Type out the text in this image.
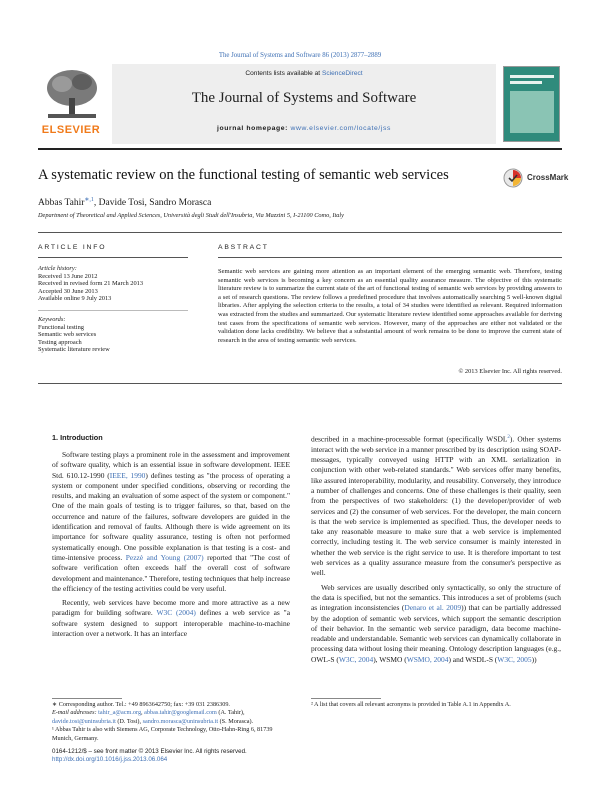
The Journal of Systems and Software 86 (2013) 2877–2889
ELSEVIER
Contents lists available at ScienceDirect
The Journal of Systems and Software
journal homepage: www.elsevier.com/locate/jss
A systematic review on the functional testing of semantic web services	CrossMark
Abbas Tahir$^{∗,1}$, Davide Tosi, Sandro Morasca
Department of Theoretical and Applied Sciences, Università degli Studi dell'Insubria, Via Mazzini 5, I-21100 Como, Italy
ARTICLE INFO	ABSTRACT
Article history:
Received 13 June 2012
Received in revised form 21 March 2013
Accepted 30 June 2013
Available online 9 July 2013
Keywords:
Functional testing
Semantic web services
Testing approach
Systematic literature review
Semantic web services are gaining more attention as an important element of the emerging semantic web. Therefore, testing semantic web services is becoming a key concern as an essential quality assurance measure. The objective of this systematic literature review is to summarize the current state of the art of functional testing of semantic web services by providing answers to a set of research questions. The review follows a predefined procedure that involves automatically searching 5 well-known digital libraries. After applying the selection criteria to the results, a total of 34 studies were identified as relevant. Required information was extracted from the studies and summarized. Our systematic literature review identified some approaches available for deriving test cases from the specifications of semantic web services. However, many of the approaches are either not validated or the validation done lacks credibility. We believe that a substantial amount of work remains to be done to improve the current state of research in the area of testing semantic web services.
© 2013 Elsevier Inc. All rights reserved.
1. Introduction

Software testing plays a prominent role in the assessment and improvement of software quality, which is an essential issue in software development. IEEE Std. 610.12-1990 (IEEE, 1990) defines testing as "the process of operating a system or component under specified conditions, observing or recording the results, and making an evaluation of some aspect of the system or component." One of the main goals of testing is to trigger failures, so that, based on the occurrence and nature of the failures, software developers are guided in the identification and removal of faults. Although there is wide agreement on its importance for software quality assurance, testing is often not performed systematically enough. One possible explanation is that testing is a cost- and time-intensive process. Pezzè and Young (2007) reported that "The cost of software verification often exceeds half the overall cost of software development and maintenance." Therefore, testing techniques that help increase the efficiency of the testing activities could be very useful.

Recently, web services have become more and more attractive as a new paradigm for building software. W3C (2004) defines a web service as "a software system designed to support interoperable machine-to-machine interaction over a network. It has an interface

described in a machine-processable format (specifically WSDL$^2$). Other systems interact with the web service in a manner prescribed by its description using SOAP-messages, typically conveyed using HTTP with an XML serialization in conjunction with other web-related standards." Web services offer many benefits, like assured interoperability, modularity, and reusability. Conversely, they introduce a number of challenges and concerns. One of these challenges is their quality, seen from the perspectives of two stakeholders: (1) the developer/provider of web services and (2) the consumer of web services. For the developer, the main concern is that the web service is implemented as specified. Thus, the developer needs to take any reasonable measure to make sure that a web service is implemented correctly, including testing it. The web service consumer is mainly interested in whether the web service is the right service to use. It is therefore important to test web services as a quality assurance measure from the consumer's perspective as well.

Web services are usually described only syntactically, so only the structure of the data is specified, but not the semantics. This introduces a set of problems (such as integration inconsistencies (Denaro et al. 2009)) that can be partially addressed by the adoption of semantic web services, which support the semantic description of their behavior. In the semantic web service paradigm, data become machine-readable and understandable. Semantic web services can dynamically collaborate in processing data without losing their meaning. Ontology description languages (e.g., OWL-S (W3C, 2004), WSMO (WSMO, 2004) and WSDL-S (W3C, 2005))

∗ Corresponding author. Tel.: +49 8963642750; fax: +39 031 2386309.
E-mail addresses: tahir_a@acm.org, abbas.tahir@googlemail.com (A. Tahir), davide.tosi@uninsubria.it (D. Tosi), sandro.morasca@uninsubria.it (S. Morasca).
¹ Abbas Tahir is also with Siemens AG, Corporate Technology, Otto-Hahn-Ring 6, 81739 Munich, Germany.
² A list that covers all relevant acronyms is provided in Table A.1 in Appendix A.
0164-1212/$ – see front matter © 2013 Elsevier Inc. All rights reserved.
http://dx.doi.org/10.1016/j.jss.2013.06.064
